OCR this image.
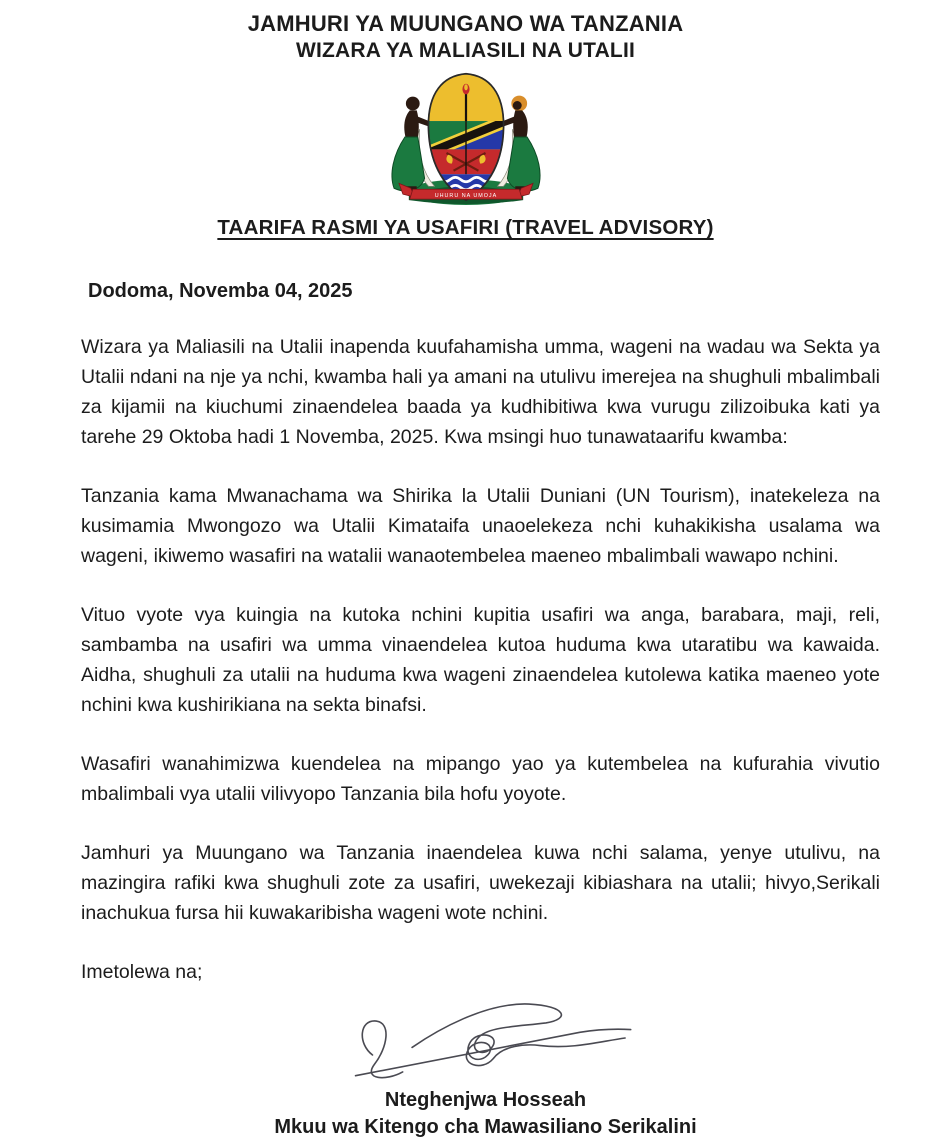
JAMHURI YA MUUNGANO WA TANZANIA
WIZARA YA MALIASILI NA UTALII
UHURU NA UMOJA
TAARIFA RASMI YA USAFIRI (TRAVEL ADVISORY)
Dodoma, Novemba 04, 2025

Wizara ya Maliasili na Utalii inapenda kuufahamisha umma, wageni na wadau wa Sekta ya Utalii ndani na nje ya nchi, kwamba hali ya amani na utulivu imerejea na shughuli mbalimbali za kijamii na kiuchumi zinaendelea baada ya kudhibitiwa kwa vurugu zilizoibuka kati ya tarehe 29 Oktoba hadi 1 Novemba, 2025. Kwa msingi huo tunawataarifu kwamba:

Tanzania kama Mwanachama wa Shirika la Utalii Duniani (UN Tourism), inatekeleza na kusimamia Mwongozo wa Utalii Kimataifa unaoelekeza nchi kuhakikisha usalama wa wageni, ikiwemo wasafiri na watalii wanaotembelea maeneo mbalimbali wawapo nchini.

Vituo vyote vya kuingia na kutoka nchini kupitia usafiri wa anga, barabara, maji, reli, sambamba na usafiri wa umma vinaendelea kutoa huduma kwa utaratibu wa kawaida. Aidha, shughuli za utalii na huduma kwa wageni zinaendelea kutolewa katika maeneo yote nchini kwa kushirikiana na sekta binafsi.

Wasafiri wanahimizwa kuendelea na mipango yao ya kutembelea na kufurahia vivutio mbalimbali vya utalii vilivyopo Tanzania bila hofu yoyote.

Jamhuri ya Muungano wa Tanzania inaendelea kuwa nchi salama, yenye utulivu, na mazingira rafiki kwa shughuli zote za usafiri, uwekezaji kibiashara na utalii; hivyo,Serikali inachukua fursa hii kuwakaribisha wageni wote nchini.

Imetolewa na;
Nteghenjwa Hosseah
Mkuu wa Kitengo cha Mawasiliano Serikalini
